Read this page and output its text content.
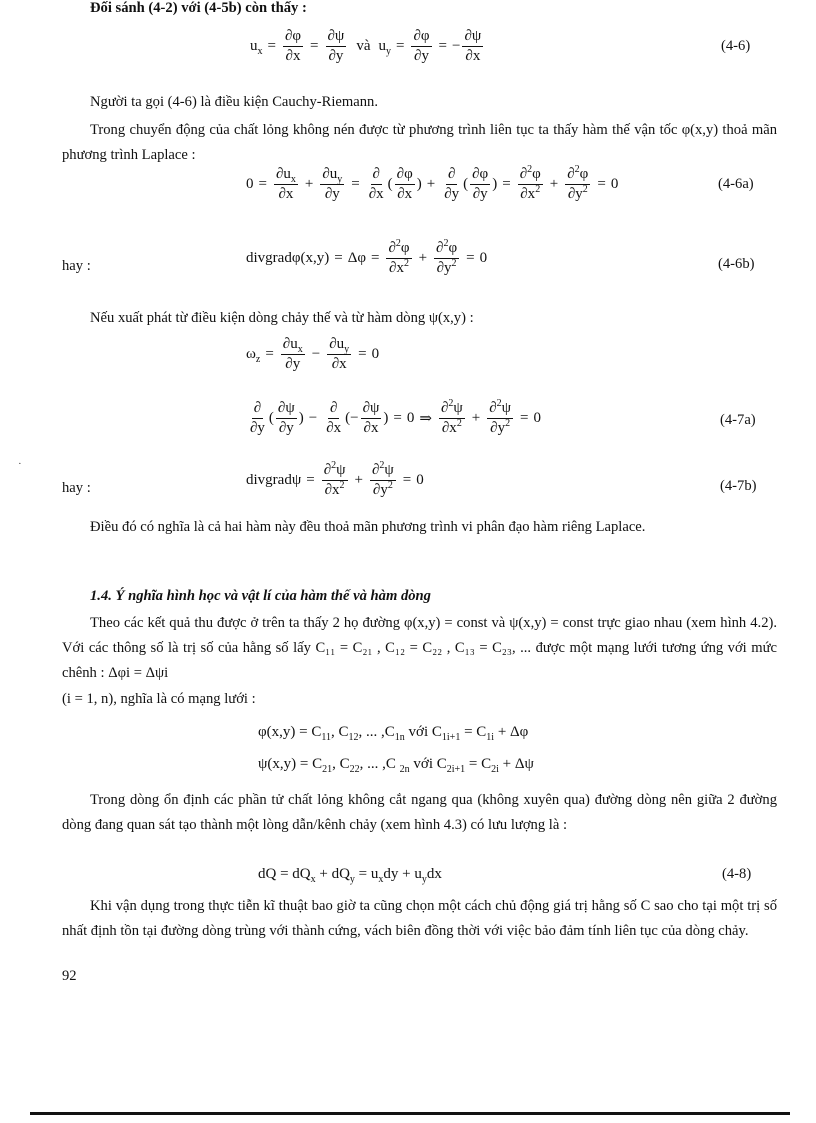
Đối sánh (4-2) với (4-5b) còn thấy :
$u_x = \frac{\partial\varphi}{\partial x} = \frac{\partial\psi}{\partial y}$ và $u_y = \frac{\partial\varphi}{\partial y}$ = − $\frac{\partial\psi}{\partial x}$	(4-6)
Người ta gọi (4-6) là điều kiện Cauchy-Riemann.
Trong chuyển động của chất lỏng không nén được từ phương trình liên tục ta thấy hàm thế vận tốc φ(x,y) thoả mãn phương trình Laplace :
$0 = \frac{\partial u_x}{\partial x} + \frac{\partial u_y}{\partial y} = \frac{\partial}{\partial x}$ ( $\frac{\partial\varphi}{\partial x}$ ) + $\frac{\partial}{\partial y}$ ( $\frac{\partial\varphi}{\partial y}$ ) = $\frac{\partial^2\varphi}{\partial x^2} + \frac{\partial^2\varphi}{\partial y^2} = 0$	(4-6a)
hay :	divgradφ(x,y) = $\Delta\varphi = \frac{\partial^2\varphi}{\partial x^2} + \frac{\partial^2\varphi}{\partial y^2} = 0$	(4-6b)
Nếu xuất phát từ điều kiện dòng chảy thế và từ hàm dòng ψ(x,y) :
$\omega_z = \frac{\partial u_x}{\partial y} - \frac{\partial u_y}{\partial x} = 0$
$\frac{\partial}{\partial y}$ ( $\frac{\partial\psi}{\partial y}$ ) − $\frac{\partial}{\partial x}$ (− $\frac{\partial\psi}{\partial x}$ ) = 0 ⇒ $\frac{\partial^2\psi}{\partial x^2} + \frac{\partial^2\psi}{\partial y^2} = 0$	(4-7a)
hay :	divgradψ = $\frac{\partial^2\psi}{\partial x^2} + \frac{\partial^2\psi}{\partial y^2} = 0$	(4-7b)
·
Điều đó có nghĩa là cả hai hàm này đều thoả mãn phương trình vi phân đạo hàm riêng Laplace.
1.4. Ý nghĩa hình học và vật lí của hàm thế và hàm dòng
Theo các kết quả thu được ở trên ta thấy 2 họ đường φ(x,y) = const và ψ(x,y) = const trực giao nhau (xem hình 4.2). Với các thông số là trị số của hằng số lấy C₁₁ = C₂₁ , C₁₂ = C₂₂ , C₁₃ = C₂₃, ... được một mạng lưới tương ứng với mức chênh : Δφi = Δψi
(i = 1, n), nghĩa là có mạng lưới :
$\varphi(x,y) = C_{11}$, $C_{12}$, ... $,C_{1n}$ với $C_{1i+1} = C_{1i} + \Delta\varphi$
$\psi(x,y) = C_{21}$, $C_{22}$, ... ,C $_{2n}$ với $C_{2i+1} = C_{2i} + \Delta\psi$
Trong dòng ổn định các phần tử chất lỏng không cắt ngang qua (không xuyên qua) đường dòng nên giữa 2 đường dòng đang quan sát tạo thành một lòng dẫn/kênh chảy (xem hình 4.3) có lưu lượng là :
dQ = $dQ_x + dQ_y = u_xdy + u_ydx$	(4-8)
Khi vận dụng trong thực tiễn kĩ thuật bao giờ ta cũng chọn một cách chủ động giá trị hằng số C sao cho tại một trị số nhất định tồn tại đường dòng trùng với thành cứng, vách biên đồng thời với việc bảo đảm tính liên tục của dòng chảy.
92
